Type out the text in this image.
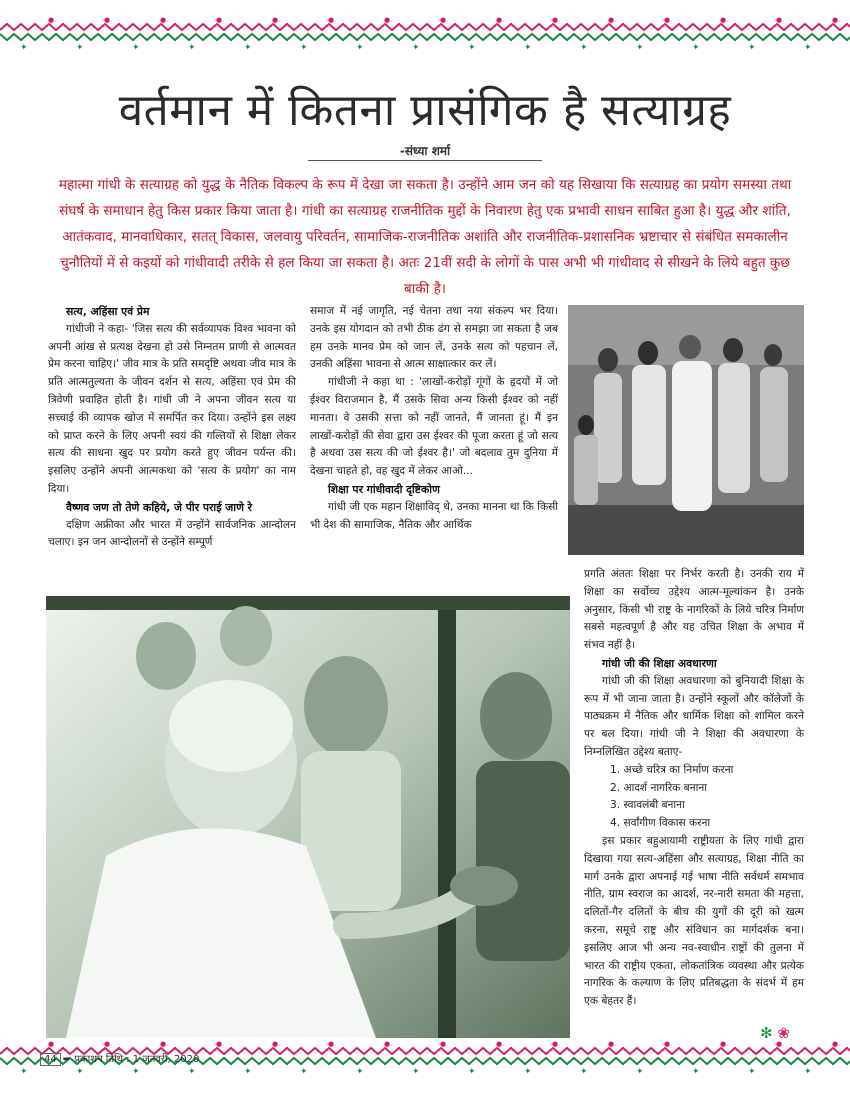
✦
●
✦
●
✦
●
✦
●
✦
●
✦
●
✦
●
✦
●
✦
●
✦
●
✦
●
✦
●
✦
●
✦
●
✦
●
वर्तमान में कितना प्रासंगिक है सत्याग्रह
-संध्या शर्मा
महात्मा गांधी के सत्याग्रह को युद्ध के नैतिक विकल्प के रूप में देखा जा सकता है। उन्होंने आम जन को यह सिखाया कि सत्याग्रह का प्रयोग समस्या तथा संघर्ष के समाधान हेतु किस प्रकार किया जाता है। गांधी का सत्याग्रह राजनीतिक मुद्दों के निवारण हेतु एक प्रभावी साधन साबित हुआ है। युद्ध और शांति, आतंकवाद, मानवाधिकार, सतत् विकास, जलवायु परिवर्तन, सामाजिक-राजनीतिक अशांति और राजनीतिक-प्रशासनिक भ्रष्टाचार से संबंधित समकालीन चुनौतियों में से कइयों को गांधीवादी तरीके से हल किया जा सकता है। अतः 21वीं सदी के लोगों के पास अभी भी गांधीवाद से सीखने के लिये बहुत कुछ बाकी है।
सत्य, अहिंसा एवं प्रेम

गांधीजी ने कहा- 'जिस सत्य की सर्वव्यापक विश्व भावना को अपनी आंख से प्रत्यक्ष देखना हो उसे निम्नतम प्राणी से आत्मवत प्रेम करना चाहिए।' जीव मात्र के प्रति समदृष्टि अथवा जीव मात्र के प्रति आत्मतुल्यता के जीवन दर्शन से सत्य, अहिंसा एवं प्रेम की त्रिवेणी प्रवाहित होती है। गांधी जी ने अपना जीवन सत्य या सच्चाई की व्यापक खोज में समर्पित कर दिया। उन्होंने इस लक्ष्य को प्राप्त करने के लिए अपनी स्वयं की गल्तियों से शिक्षा लेकर सत्य की साधना खुद पर प्रयोग करते हुए जीवन पर्यन्त की। इसलिए उन्होंने अपनी आत्मकथा को 'सत्य के प्रयोग' का नाम दिया।

वैष्णव जण तो तेणे कहिये, जे पीर पराई जाणे रे

दक्षिण अफ्रीका और भारत में उन्होंने सार्वजनिक आन्दोलन चलाए। इन जन आन्दोलनों से उन्होंने सम्पूर्ण

समाज में नई जागृति, नई चेतना तथा नया संकल्प भर दिया। उनके इस योगदान को तभी ठीक ढंग से समझा जा सकता है जब हम उनके मानव प्रेम को जान लें, उनके सत्य को पहचान लें, उनकी अहिंसा भावना से आत्म साक्षात्कार कर लें।

गांधीजी ने कहा था : 'लाखों-करोड़ों गूंगों के हृदयों में जो ईश्वर विराजमान है, मैं उसके सिवा अन्य किसी ईश्वर को नहीं मानता। वे उसकी सत्ता को नहीं जानते, मैं जानता हूं। मैं इन लाखों-करोड़ों की सेवा द्वारा उस ईश्वर की पूजा करता हूं जो सत्य है अथवा उस सत्य की जो ईश्वर है।' जो बदलाव तुम दुनिया में देखना चाहते हो, वह खुद में लेकर आओ...

शिक्षा पर गांधीवादी दृष्टिकोण

गांधी जी एक महान शिक्षाविद् थे, उनका मानना था कि किसी भी देश की सामाजिक, नैतिक और आर्थिक

प्रगति अंततः शिक्षा पर निर्भर करती है। उनकी राय में शिक्षा का सर्वोच्च उद्देश्य आत्म-मूल्यांकन है। उनके अनुसार, किसी भी राष्ट्र के नागरिकों के लिये चरित्र निर्माण सबसे महत्वपूर्ण है और यह उचित शिक्षा के अभाव में संभव नहीं है।

गांधी जी की शिक्षा अवधारणा

गांधी जी की शिक्षा अवधारणा को बुनियादी शिक्षा के रूप में भी जाना जाता है। उन्होंने स्कूलों और कॉलेजों के पाठ्यक्रम में नैतिक और धार्मिक शिक्षा को शामिल करने पर बल दिया। गांधी जी ने शिक्षा की अवधारणा के निम्नलिखित उद्देश्य बताए-

1. अच्छे चरित्र का निर्माण करना
2. आदर्श नागरिक बनाना
3. स्वावलंबी बनाना
4. सर्वांगीण विकास करना

इस प्रकार बहुआयामी राष्ट्रीयता के लिए गांधी द्वारा दिखाया गया सत्य-अहिंसा और सत्याग्रह, शिक्षा नीति का मार्ग उनके द्वारा अपनाई गई भाषा नीति सर्वधर्म समभाव नीति, ग्राम स्वराज का आदर्श, नर-नारी समता की महत्ता, दलितों-गैर दलितों के बीच की युगों की दूरी को खत्म करना, समूचे राष्ट्र और संविधान का मार्गदर्शक बना। इसलिए आज भी अन्य नव-स्वाधीन राष्ट्रों की तुलना में भारत की राष्ट्रीय एकता, लोकतांत्रिक व्यवस्था और प्रत्येक नागरिक के कल्याण के लिए प्रतिबद्धता के संदर्भ में हम एक बेहतर हैं।

✻ ❀
✦
●
✦
●
✦
●
✦
●
✦
●
✦
●
✦
●
✦
●
✦
●
✦
●
✦
●
✦
●
✦
●
✦
●
✦
●
44 ➨ प्रकाशन तिथि : 1 जनवरी, 2020
